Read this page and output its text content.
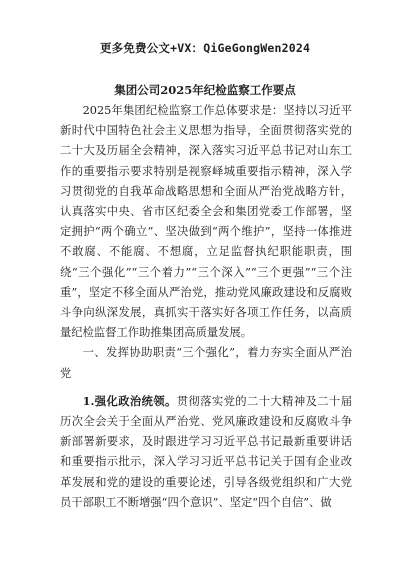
更多免费公文+VX：QiGeGongWen2024
集团公司2025年纪检监察工作要点

2025年集团纪检监察工作总体要求是：坚持以习近平新时代中国特色社会主义思想为指导，全面贯彻落实党的二十大及历届全会精神，深入落实习近平总书记对山东工作的重要指示要求特别是视察峄城重要指示精神，深入学习贯彻党的自我革命战略思想和全面从严治党战略方针，认真落实中央、省市区纪委全会和集团党委工作部署，坚定拥护“两个确立”、坚决做到“两个维护”，坚持一体推进不敢腐、不能腐、不想腐，立足监督执纪职能职责，围绕“三个强化”“三个着力”“三个深入”“三个更强”“三个注重”，坚定不移全面从严治党，推动党风廉政建设和反腐败斗争向纵深发展，真抓实干落实好各项工作任务，以高质量纪检监督工作助推集团高质量发展。

一、发挥协助职责“三个强化”，着力夯实全面从严治党

1.强化政治统领。贯彻落实党的二十大精神及二十届历次全会关于全面从严治党、党风廉政建设和反腐败斗争新部署新要求，及时跟进学习习近平总书记最新重要讲话和重要指示批示，深入学习习近平总书记关于国有企业改革发展和党的建设的重要论述，引导各级党组织和广大党员干部职工不断增强“四个意识”、坚定“四个自信”、做
